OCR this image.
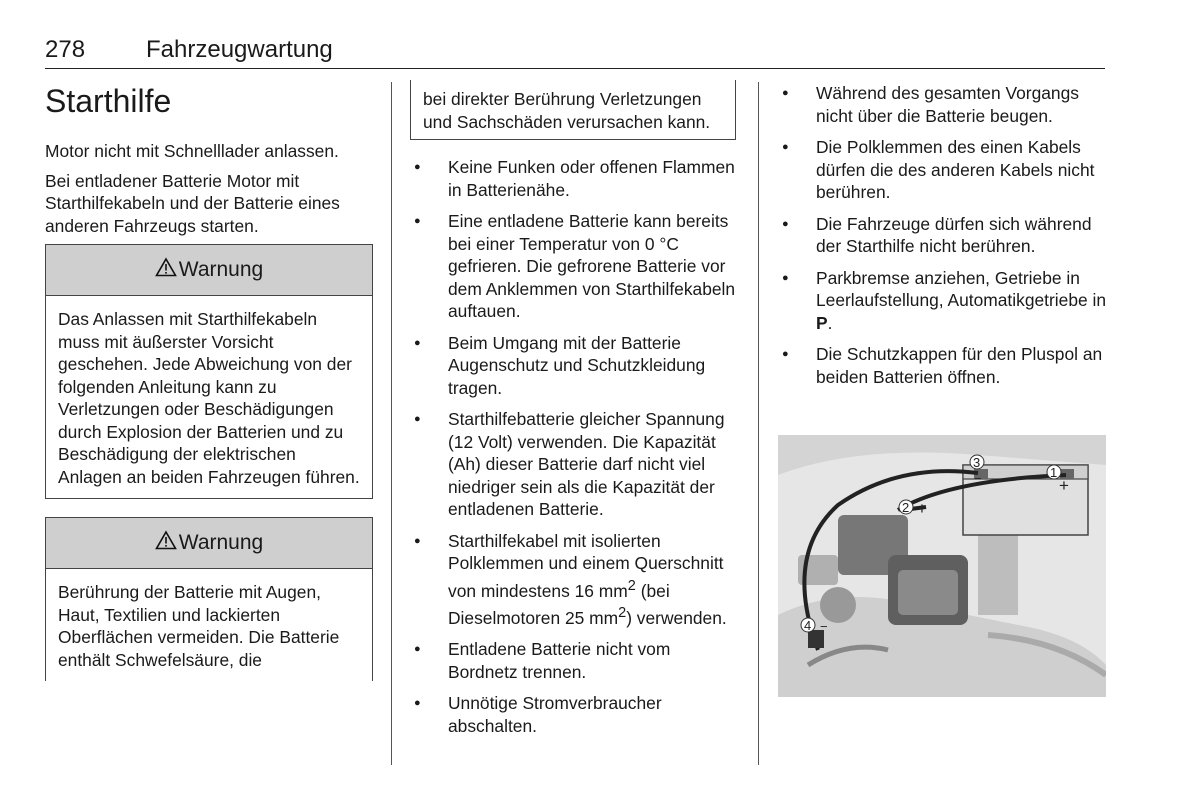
278	Fahrzeugwartung
Starthilfe

Motor nicht mit Schnelllader anlassen.

Bei entladener Batterie Motor mit Starthilfekabeln und der Batterie eines anderen Fahrzeugs starten.

Warnung
Das Anlassen mit Starthilfekabeln muss mit äußerster Vorsicht geschehen. Jede Abweichung von der folgenden Anleitung kann zu Verletzungen oder Beschädigungen durch Explosion der Batterien und zu Beschädigung der elektrischen Anlagen an beiden Fahrzeugen führen.
Warnung
Berührung der Batterie mit Augen, Haut, Textilien und lackierten Oberflächen vermeiden. Die Batterie enthält Schwefelsäure, die
bei direkter Berührung Verletzungen und Sachschäden verursachen kann.
● Keine Funken oder offenen Flammen in Batterienähe.
● Eine entladene Batterie kann bereits bei einer Temperatur von 0 °C gefrieren. Die gefrorene Batterie vor dem Anklemmen von Starthilfekabeln auftauen.
● Beim Umgang mit der Batterie Augenschutz und Schutzkleidung tragen.
● Starthilfebatterie gleicher Spannung (12 Volt) verwenden. Die Kapazität (Ah) dieser Batterie darf nicht viel niedriger sein als die Kapazität der entladenen Batterie.
● Starthilfekabel mit isolierten Polklemmen und einem Querschnitt von mindestens 16 $mm^2$ (bei Dieselmotoren 25 $mm^2$) verwenden.
● Entladene Batterie nicht vom Bordnetz trennen.
● Unnötige Stromverbraucher abschalten.
● Während des gesamten Vorgangs nicht über die Batterie beugen.
● Die Polklemmen des einen Kabels dürfen die des anderen Kabels nicht berühren.
● Die Fahrzeuge dürfen sich während der Starthilfe nicht berühren.
● Parkbremse anziehen, Getriebe in Leerlaufstellung, Automatikgetriebe in P.
● Die Schutzkappen für den Pluspol an beiden Batterien öffnen.
3
−	1
+
2 +
4 −
